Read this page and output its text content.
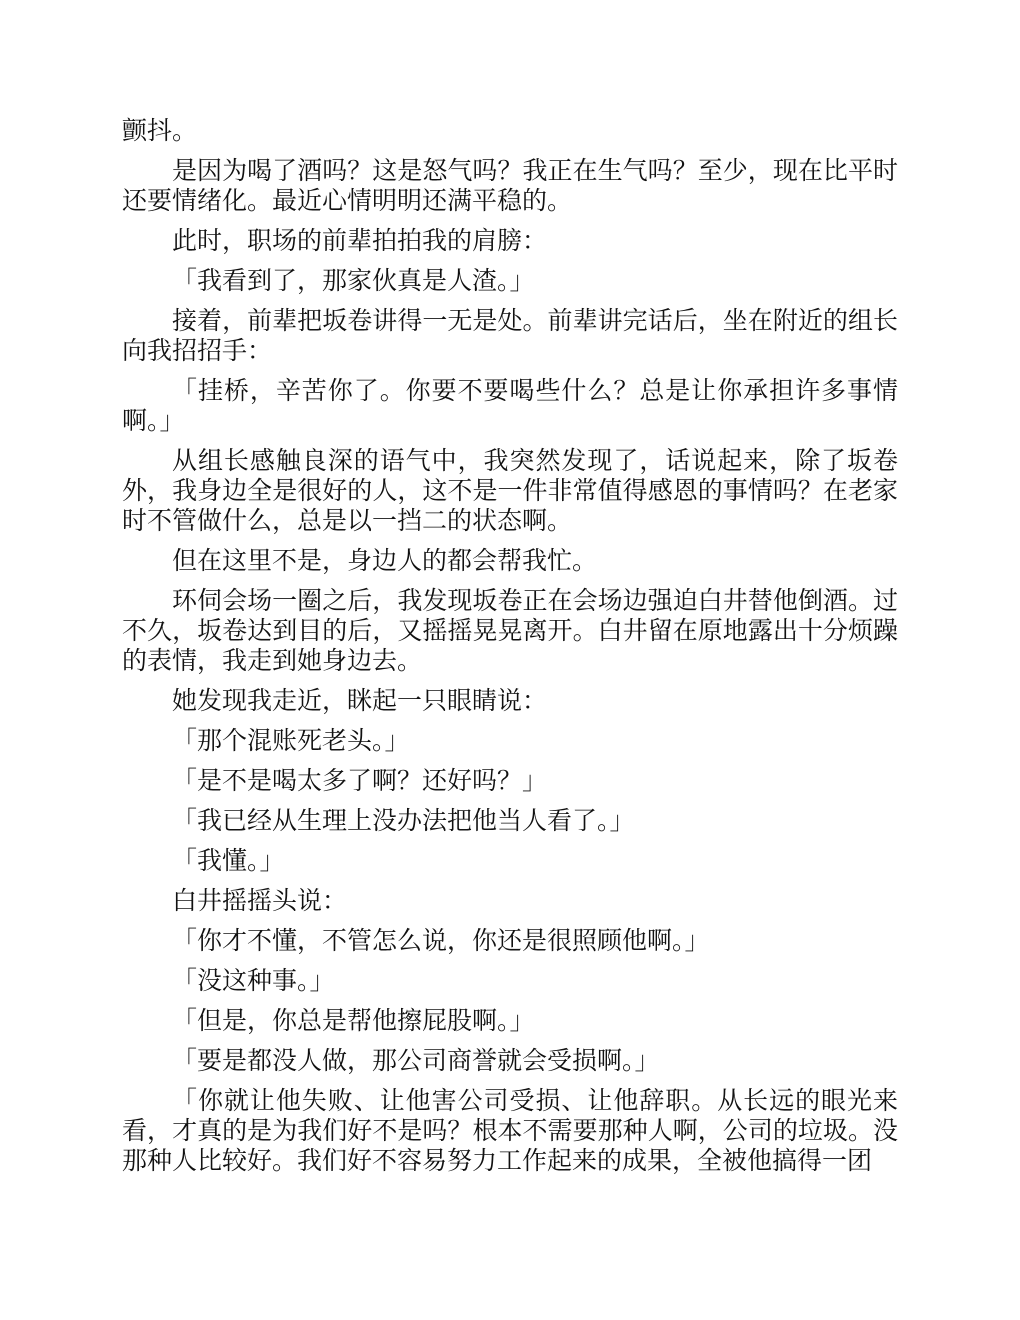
颤抖。

是因为喝了酒吗？这是怒气吗？我正在生气吗？至少，现在比平时还要情绪化。最近心情明明还满平稳的。

此时，职场的前辈拍拍我的肩膀：

「我看到了，那家伙真是人渣。」

接着，前辈把坂卷讲得一无是处。前辈讲完话后，坐在附近的组长向我招招手：

「挂桥，辛苦你了。你要不要喝些什么？总是让你承担许多事情啊。」

从组长感触良深的语气中，我突然发现了，话说起来，除了坂卷外，我身边全是很好的人，这不是一件非常值得感恩的事情吗？在老家时不管做什么，总是以一挡二的状态啊。

但在这里不是，身边人的都会帮我忙。

环伺会场一圈之后，我发现坂卷正在会场边强迫白井替他倒酒。过不久，坂卷达到目的后，又摇摇晃晃离开。白井留在原地露出十分烦躁的表情，我走到她身边去。

她发现我走近，眯起一只眼睛说：

「那个混账死老头。」

「是不是喝太多了啊？还好吗？」

「我已经从生理上没办法把他当人看了。」

「我懂。」

白井摇摇头说：

「你才不懂，不管怎么说，你还是很照顾他啊。」

「没这种事。」

「但是，你总是帮他擦屁股啊。」

「要是都没人做，那公司商誉就会受损啊。」

「你就让他失败、让他害公司受损、让他辞职。从长远的眼光来看，才真的是为我们好不是吗？根本不需要那种人啊，公司的垃圾。没那种人比较好。我们好不容易努力工作起来的成果，全被他搞得一团
